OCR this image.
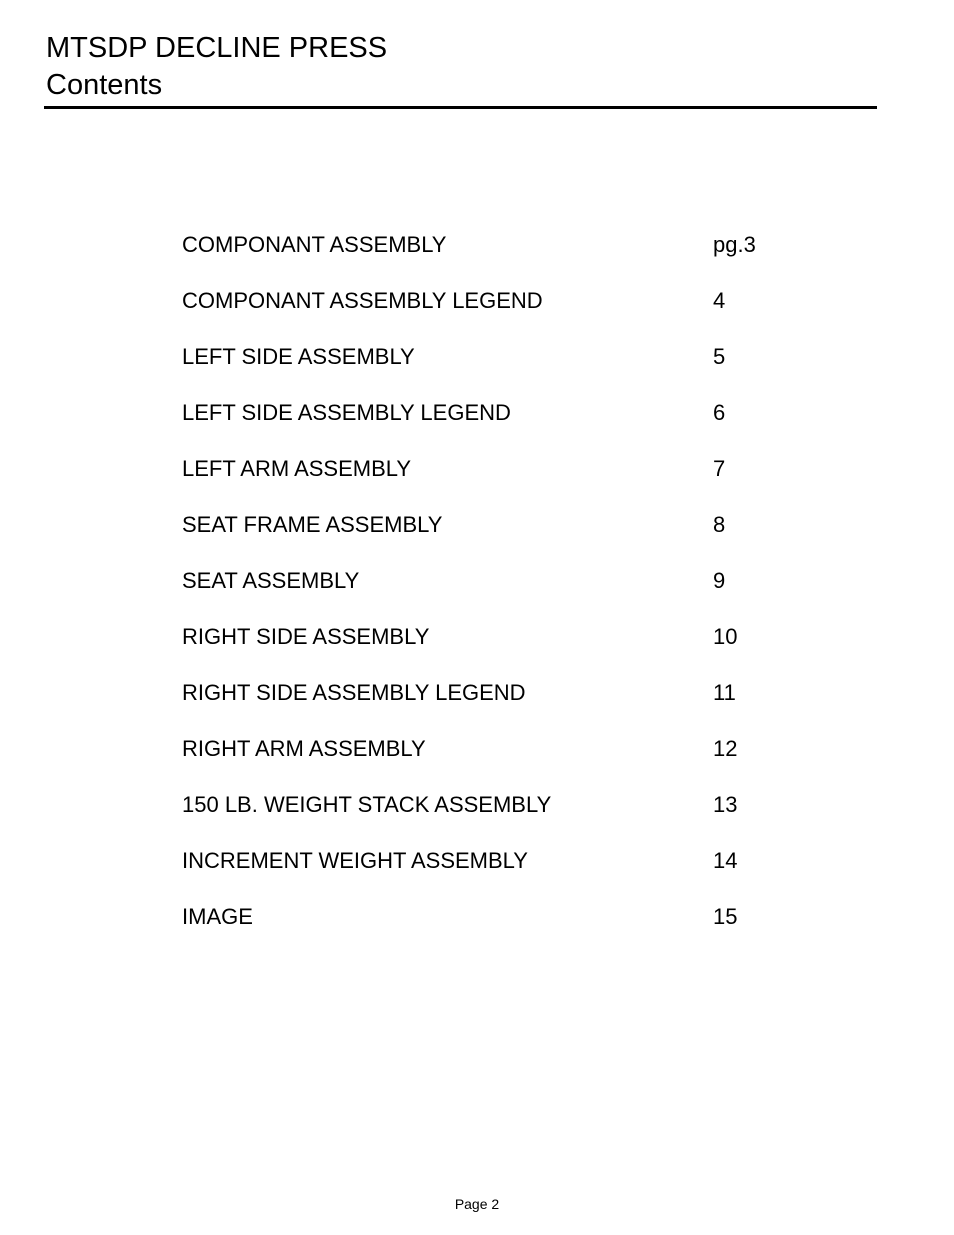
MTSDP DECLINE PRESS
Contents
COMPONANT ASSEMBLY	pg.3
COMPONANT ASSEMBLY LEGEND	4
LEFT SIDE ASSEMBLY	5
LEFT SIDE ASSEMBLY LEGEND	6
LEFT ARM ASSEMBLY	7
SEAT FRAME ASSEMBLY	8
SEAT ASSEMBLY	9
RIGHT SIDE ASSEMBLY	10
RIGHT SIDE ASSEMBLY LEGEND	11
RIGHT ARM ASSEMBLY	12
150 LB. WEIGHT STACK ASSEMBLY	13
INCREMENT WEIGHT ASSEMBLY	14
IMAGE	15
Page 2
